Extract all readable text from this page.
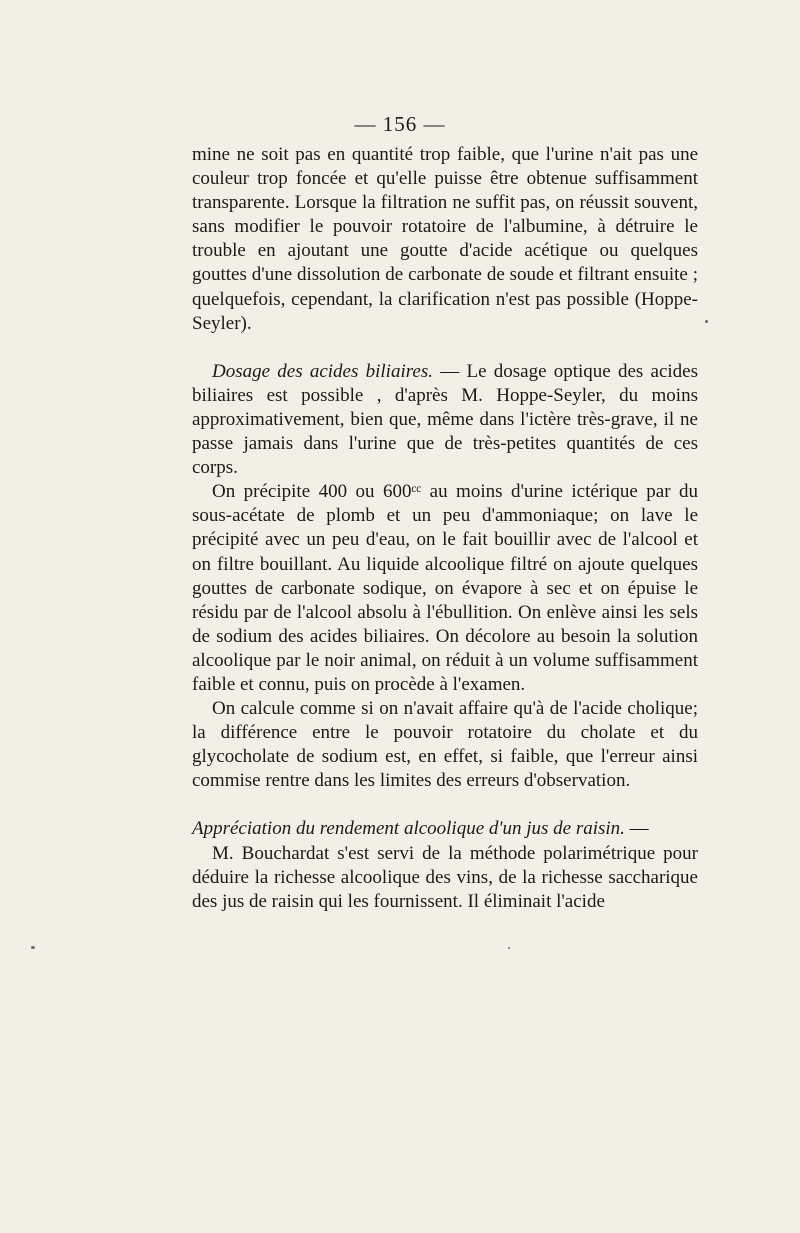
— 156 —

mine ne soit pas en quantité trop faible, que l'urine n'ait pas une couleur trop foncée et qu'elle puisse être obtenue suffisamment transparente. Lorsque la filtration ne suffit pas, on réussit souvent, sans modifier le pouvoir rotatoire de l'albumine, à détruire le trouble en ajoutant une goutte d'acide acétique ou quelques gouttes d'une dissolution de carbonate de soude et filtrant ensuite ; quelquefois, cependant, la clarification n'est pas possible (Hoppe-Seyler).

Dosage des acides biliaires. — Le dosage optique des acides biliaires est possible , d'après M. Hoppe-Seyler, du moins approximativement, bien que, même dans l'ictère très-grave, il ne passe jamais dans l'urine que de très-petites quantités de ces corps.

On précipite 400 ou 600ᶜᶜ au moins d'urine ictérique par du sous-acétate de plomb et un peu d'ammoniaque; on lave le précipité avec un peu d'eau, on le fait bouillir avec de l'alcool et on filtre bouillant. Au liquide alcoolique filtré on ajoute quelques gouttes de carbonate sodique, on évapore à sec et on épuise le résidu par de l'alcool absolu à l'ébullition. On enlève ainsi les sels de sodium des acides biliaires. On décolore au besoin la solution alcoolique par le noir animal, on réduit à un volume suffisamment faible et connu, puis on procède à l'examen.

On calcule comme si on n'avait affaire qu'à de l'acide cholique; la différence entre le pouvoir rotatoire du cholate et du glycocholate de sodium est, en effet, si faible, que l'erreur ainsi commise rentre dans les limites des erreurs d'observation.

Appréciation du rendement alcoolique d'un jus de raisin. —

M. Bouchardat s'est servi de la méthode polarimétrique pour déduire la richesse alcoolique des vins, de la richesse saccharique des jus de raisin qui les fournissent. Il éliminait l'acide
